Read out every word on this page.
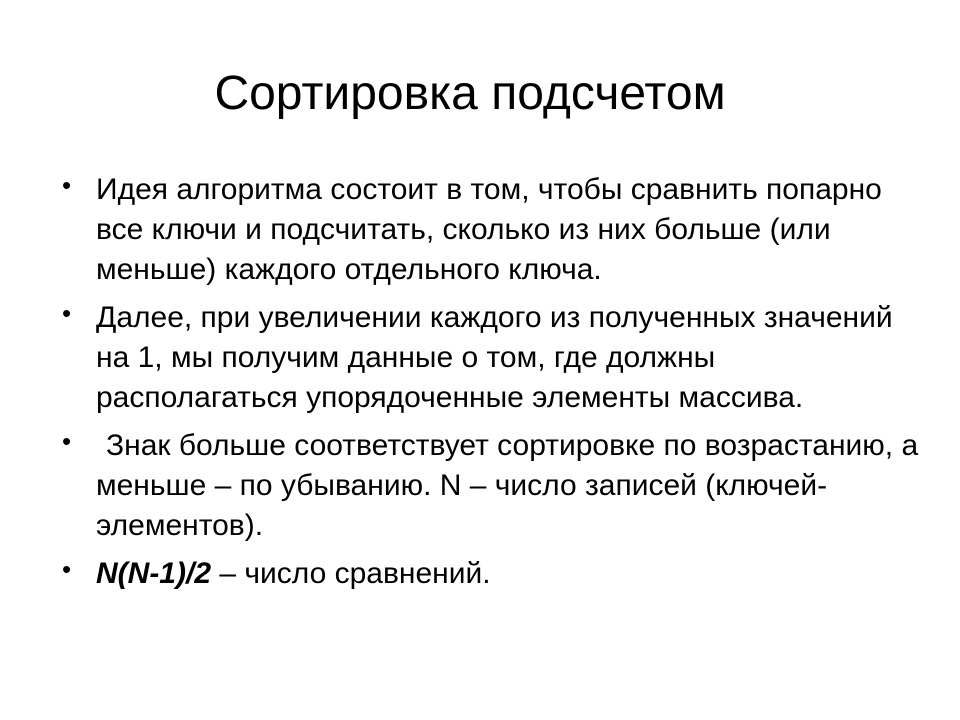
Сортировка подсчетом
• Идея алгоритма состоит в том, чтобы сравнить попарно все ключи и подсчитать, сколько из них больше (или меньше) каждого отдельного ключа.
• Далее, при увеличении каждого из полученных значений на 1, мы получим данные о том, где должны располагаться упорядоченные элементы массива.
•	Знак больше соответствует сортировке по возрастанию, а меньше – по убыванию. N – число записей (ключей-элементов).
• N(N-1)/2 – число сравнений.
